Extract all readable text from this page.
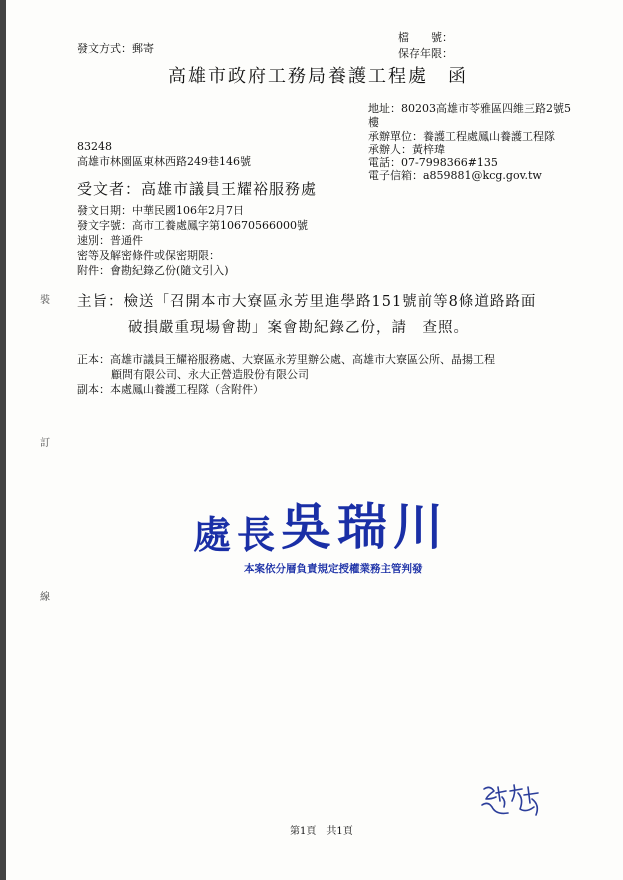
裝
訂
線
發文方式：郵寄
檔　　號：
保存年限：
高雄市政府工務局養護工程處　函
地址：80203高雄市苓雅區四維三路2號5
樓
承辦單位：養護工程處鳳山養護工程隊
承辦人：黃梓瑋
電話：07-7998366#135
電子信箱：a859881@kcg.gov.tw
83248
高雄市林園區東林西路249巷146號
受文者：高雄市議員王耀裕服務處
發文日期：中華民國106年2月7日
發文字號：高市工養處鳳字第10670566000號
速別：普通件
密等及解密條件或保密期限：
附件：會勘紀錄乙份(隨文引入)
主旨：檢送「召開本市大寮區永芳里進學路151號前等8條道路路面
破損嚴重現場會勘」案會勘紀錄乙份，請　查照。
正本：高雄市議員王耀裕服務處、大寮區永芳里辦公處、高雄市大寮區公所、晶揚工程
顧問有限公司、永大正營造股份有限公司
副本：本處鳳山養護工程隊（含附件）
處長吳瑞川
本案依分層負責規定授權業務主管判發
第1頁　共1頁
